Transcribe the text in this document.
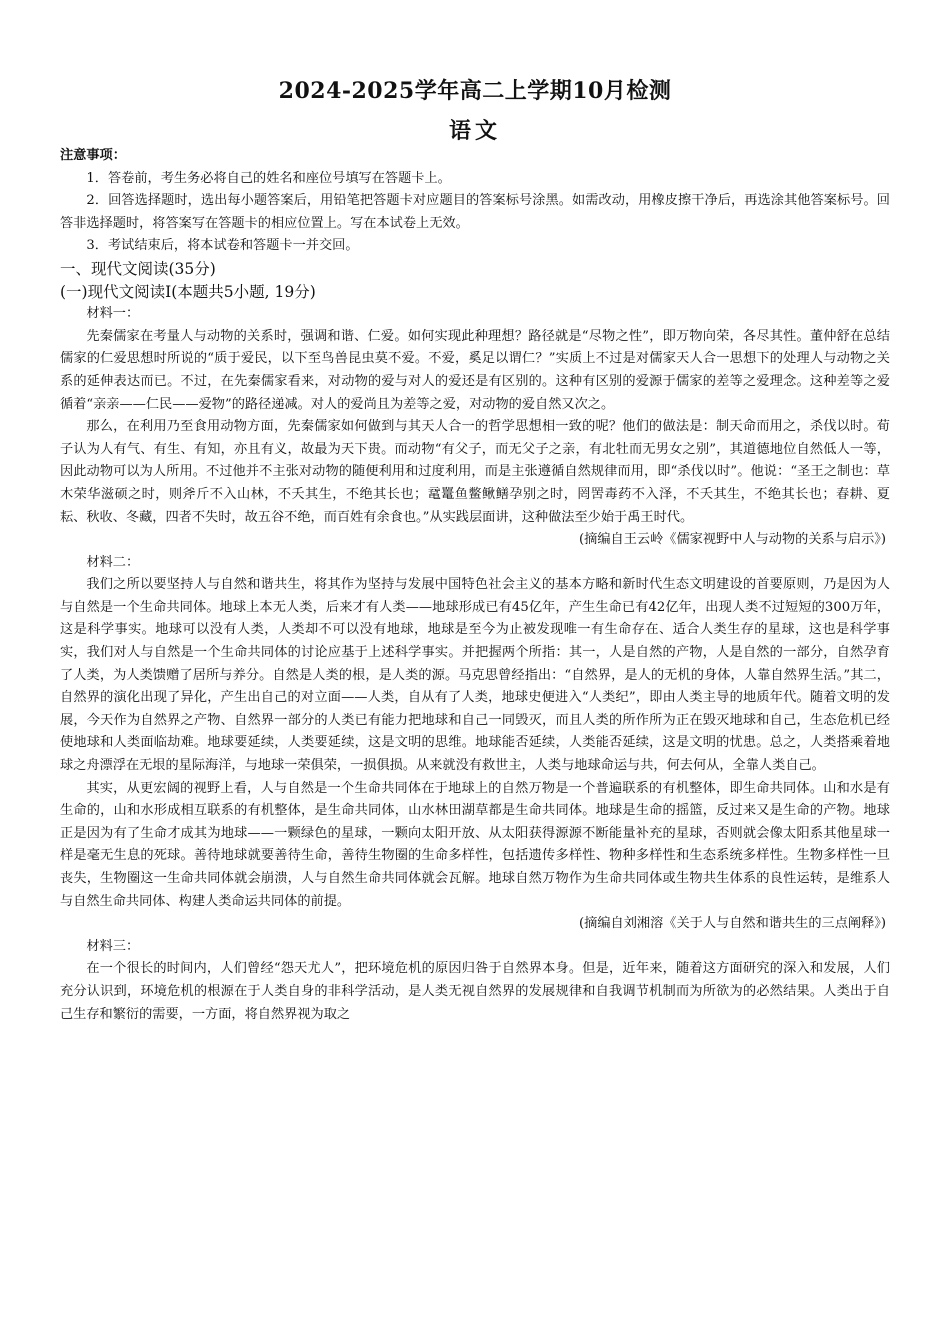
2024-2025学年高二上学期10月检测
语文

注意事项：

1．答卷前，考生务必将自己的姓名和座位号填写在答题卡上。

2．回答选择题时，选出每小题答案后，用铅笔把答题卡对应题目的答案标号涂黑。如需改动，用橡皮擦干净后，再选涂其他答案标号。回答非选择题时，将答案写在答题卡的相应位置上。写在本试卷上无效。

3．考试结束后，将本试卷和答题卡一并交回。

一、现代文阅读(35分)

(一)现代文阅读Ⅰ(本题共5小题, 19分)

材料一：

先秦儒家在考量人与动物的关系时，强调和谐、仁爱。如何实现此种理想？路径就是“尽物之性”，即万物向荣，各尽其性。董仲舒在总结儒家的仁爱思想时所说的“质于爱民，以下至鸟兽昆虫莫不爱。不爱，奚足以谓仁？”实质上不过是对儒家天人合一思想下的处理人与动物之关系的延伸表达而已。不过，在先秦儒家看来，对动物的爱与对人的爱还是有区别的。这种有区别的爱源于儒家的差等之爱理念。这种差等之爱循着“亲亲——仁民——爱物”的路径递减。对人的爱尚且为差等之爱，对动物的爱自然又次之。

那么，在利用乃至食用动物方面，先秦儒家如何做到与其天人合一的哲学思想相一致的呢？他们的做法是：制天命而用之，杀伐以时。荀子认为人有气、有生、有知，亦且有义，故最为天下贵。而动物“有父子，而无父子之亲，有北牡而无男女之别”，其道德地位自然低人一等，因此动物可以为人所用。不过他并不主张对动物的随便利用和过度利用，而是主张遵循自然规律而用，即“杀伐以时”。他说：“圣王之制也：草木荣华滋硕之时，则斧斤不入山林，不夭其生，不绝其长也；鼋鼍鱼鳖鳅鳝孕别之时，罔罟毒药不入泽，不夭其生，不绝其长也；春耕、夏耘、秋收、冬藏，四者不失时，故五谷不绝，而百姓有余食也。”从实践层面讲，这种做法至少始于禹王时代。

(摘编自王云岭《儒家视野中人与动物的关系与启示》)

材料二：

我们之所以要坚持人与自然和谐共生，将其作为坚持与发展中国特色社会主义的基本方略和新时代生态文明建设的首要原则，乃是因为人与自然是一个生命共同体。地球上本无人类，后来才有人类——地球形成已有45亿年，产生生命已有42亿年，出现人类不过短短的300万年，这是科学事实。地球可以没有人类，人类却不可以没有地球，地球是至今为止被发现唯一有生命存在、适合人类生存的星球，这也是科学事实，我们对人与自然是一个生命共同体的讨论应基于上述科学事实。并把握两个所指：其一，人是自然的产物，人是自然的一部分，自然孕育了人类，为人类馈赠了居所与养分。自然是人类的根，是人类的源。马克思曾经指出：“自然界，是人的无机的身体，人靠自然界生活。”其二，自然界的演化出现了异化，产生出自己的对立面——人类，自从有了人类，地球史便进入“人类纪”，即由人类主导的地质年代。随着文明的发展，今天作为自然界之产物、自然界一部分的人类已有能力把地球和自己一同毁灭，而且人类的所作所为正在毁灭地球和自己，生态危机已经使地球和人类面临劫难。地球要延续，人类要延续，这是文明的思维。地球能否延续，人类能否延续，这是文明的忧患。总之，人类搭乘着地球之舟漂浮在无垠的星际海洋，与地球一荣俱荣，一损俱损。从来就没有救世主，人类与地球命运与共，何去何从，全靠人类自己。

其实，从更宏阔的视野上看，人与自然是一个生命共同体在于地球上的自然万物是一个普遍联系的有机整体，即生命共同体。山和水是有生命的，山和水形成相互联系的有机整体，是生命共同体，山水林田湖草都是生命共同体。地球是生命的摇篮，反过来又是生命的产物。地球正是因为有了生命才成其为地球——一颗绿色的星球，一颗向太阳开放、从太阳获得源源不断能量补充的星球，否则就会像太阳系其他星球一样是毫无生息的死球。善待地球就要善待生命，善待生物圈的生命多样性，包括遗传多样性、物种多样性和生态系统多样性。生物多样性一旦丧失，生物圈这一生命共同体就会崩溃，人与自然生命共同体就会瓦解。地球自然万物作为生命共同体或生物共生体系的良性运转，是维系人与自然生命共同体、构建人类命运共同体的前提。

(摘编自刘湘溶《关于人与自然和谐共生的三点阐释》)

材料三：

在一个很长的时间内，人们曾经“怨天尤人”，把环境危机的原因归咎于自然界本身。但是，近年来，随着这方面研究的深入和发展，人们充分认识到，环境危机的根源在于人类自身的非科学活动，是人类无视自然界的发展规律和自我调节机制而为所欲为的必然结果。人类出于自己生存和繁衍的需要，一方面，将自然界视为取之
